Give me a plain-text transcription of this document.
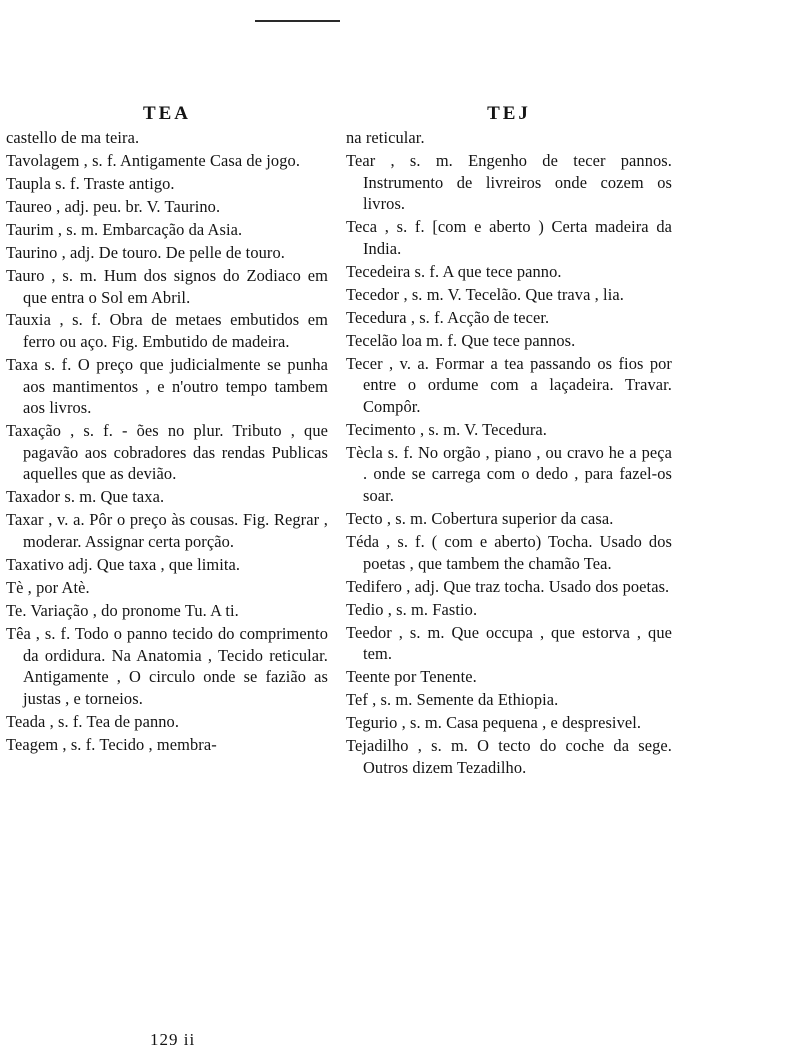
TEA
castello de ma teira.
Tavolagem , s. f. Antigamente Casa de jogo.
Taupla s. f. Traste antigo.
Taureo , adj. peu. br. V. Taurino.
Taurim , s. m. Embarcação da Asia.
Taurino , adj. De touro. De pelle de touro.
Tauro , s. m. Hum dos signos do Zodiaco em que entra o Sol em Abril.
Tauxia , s. f. Obra de metaes embutidos em ferro ou aço. Fig. Embutido de madeira.
Taxa s. f. O preço que judicialmente se punha aos mantimentos , e n'outro tempo tambem aos livros.
Taxação , s. f. - ões no plur. Tributo , que pagavão aos cobradores das rendas Publicas aquelles que as devião.
Taxador s. m. Que taxa.
Taxar , v. a. Pôr o preço às cousas. Fig. Regrar , moderar. Assignar certa porção.
Taxativo adj. Que taxa , que limita.
Tè , por Atè.
Te. Variação , do pronome Tu. A ti.
Têa , s. f. Todo o panno tecido do comprimento da ordidura. Na Anatomia , Tecido reticular. Antigamente , O circulo onde se fazião as justas , e torneios.
Teada , s. f. Tea de panno.
Teagem , s. f. Tecido , membra-
TEJ
na reticular.
Tear , s. m. Engenho de tecer pannos. Instrumento de livreiros onde cozem os livros.
Teca , s. f. [com e aberto ) Certa madeira da India.
Tecedeira s. f. A que tece panno.
Tecedor , s. m. V. Tecelão. Que trava , lia.
Tecedura , s. f. Acção de tecer.
Tecelão loa m. f. Que tece pannos.
Tecer , v. a. Formar a tea passando os fios por entre o ordume com a laçadeira. Travar. Compôr.
Tecimento , s. m. V. Tecedura.
Tècla s. f. No orgão , piano , ou cravo he a peça . onde se carrega com o dedo , para fazel-os soar.
Tecto , s. m. Cobertura superior da casa.
Téda , s. f. ( com e aberto) Tocha. Usado dos poetas , que tambem the chamão Tea.
Tedifero , adj. Que traz tocha. Usado dos poetas.
Tedio , s. m. Fastio.
Teedor , s. m. Que occupa , que estorva , que tem.
Teente por Tenente.
Tef , s. m. Semente da Ethiopia.
Tegurio , s. m. Casa pequena , e despresivel.
Tejadilho , s. m. O tecto do coche da sege. Outros dizem Tezadilho.
129 ii
